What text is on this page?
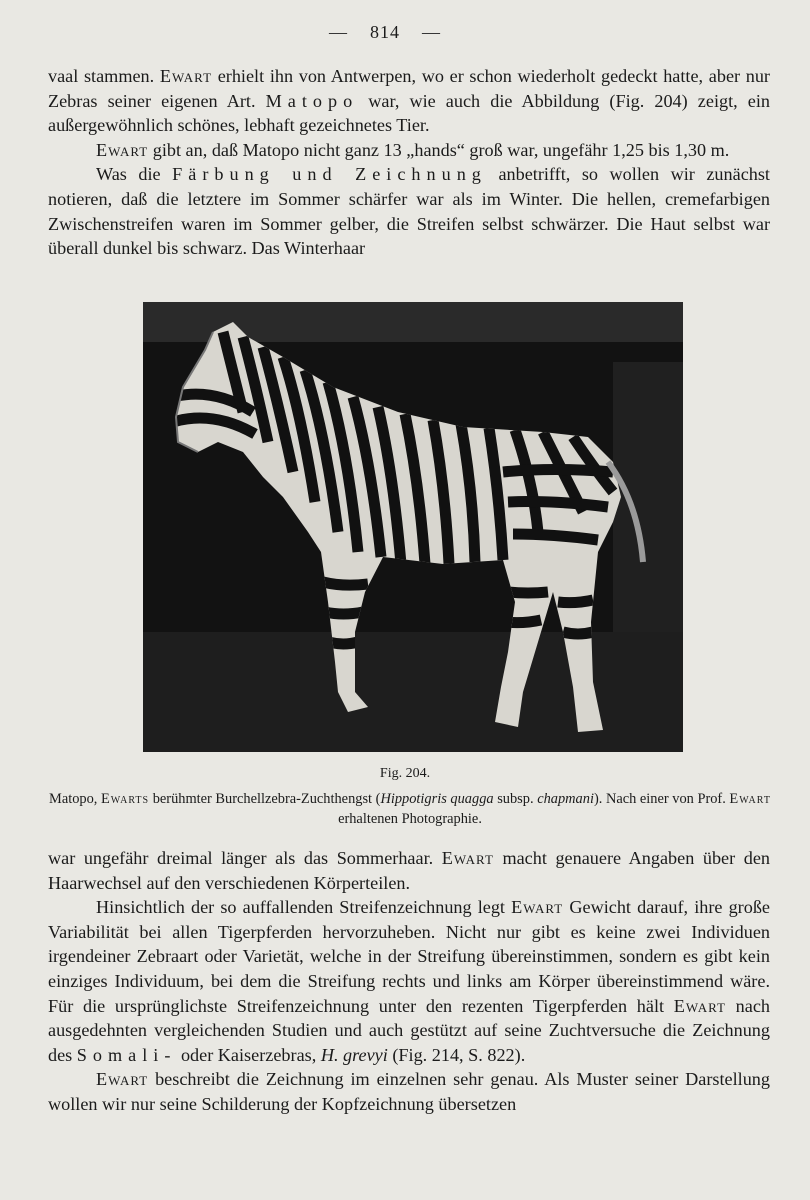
—    814    —

vaal stammen. Ewart erhielt ihn von Antwerpen, wo er schon wiederholt gedeckt hatte, aber nur Zebras seiner eigenen Art. Matopo war, wie auch die Abbildung (Fig. 204) zeigt, ein außergewöhnlich schönes, lebhaft gezeichnetes Tier.

Ewart gibt an, daß Matopo nicht ganz 13 „hands“ groß war, ungefähr 1,25 bis 1,30 m.

Was die Färbung und Zeichnung anbetrifft, so wollen wir zunächst notieren, daß die letztere im Sommer schärfer war als im Winter. Die hellen, cremefarbigen Zwischenstreifen waren im Sommer gelber, die Streifen selbst schwärzer. Die Haut selbst war überall dunkel bis schwarz. Das Winterhaar

Fig. 204.
Matopo, Ewarts berühmter Burchellzebra-Zuchthengst (Hippotigris quagga subsp. chapmani). Nach einer von Prof. Ewart erhaltenen Photographie.

war ungefähr dreimal länger als das Sommerhaar. Ewart macht genauere Angaben über den Haarwechsel auf den verschiedenen Körperteilen.

Hinsichtlich der so auffallenden Streifenzeichnung legt Ewart Gewicht darauf, ihre große Variabilität bei allen Tigerpferden hervorzuheben. Nicht nur gibt es keine zwei Individuen irgendeiner Zebraart oder Varietät, welche in der Streifung übereinstimmen, sondern es gibt kein einziges Individuum, bei dem die Streifung rechts und links am Körper übereinstimmend wäre. Für die ursprünglichste Streifenzeichnung unter den rezenten Tigerpferden hält Ewart nach ausgedehnten vergleichenden Studien und auch gestützt auf seine Zuchtversuche die Zeichnung des Somali- oder Kaiserzebras, H. grevyi (Fig. 214, S. 822).

Ewart beschreibt die Zeichnung im einzelnen sehr genau. Als Muster seiner Darstellung wollen wir nur seine Schilderung der Kopfzeichnung übersetzen
